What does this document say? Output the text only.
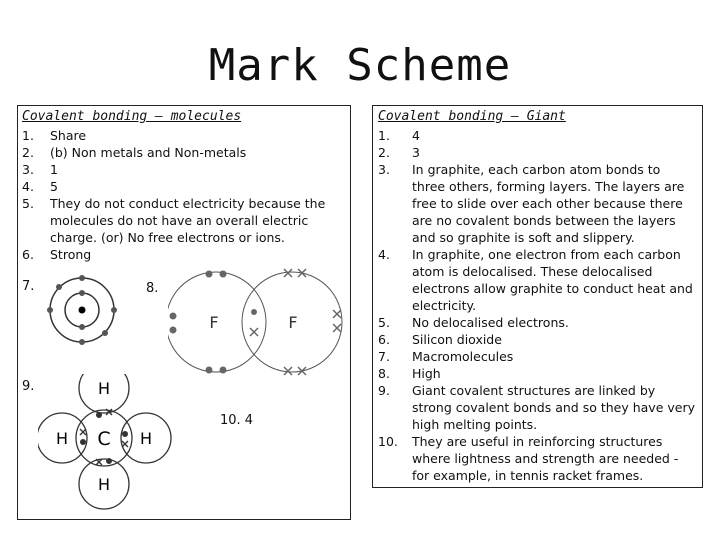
Mark Scheme
Covalent bonding – molecules
1. Share
2. (b) Non metals and Non-metals
3. 1
4. 5
5. They do not conduct electricity because the molecules do not have an overall electric charge. (or) No free electrons or ions.
6. Strong
7.	8.
9.
10. 4
F	F
H
H C H
H
Covalent bonding – Giant
1. 4
2. 3
3. In graphite, each carbon atom bonds to three others, forming layers. The layers are free to slide over each other because there are no covalent bonds between the layers and so graphite is soft and slippery.
4. In graphite, one electron from each carbon atom is delocalised. These delocalised electrons allow graphite to conduct heat and electricity.
5. No delocalised electrons.
6. Silicon dioxide
7. Macromolecules
8. High
9. Giant covalent structures are linked by strong covalent bonds and so they have very high melting points.
10. They are useful in reinforcing structures where lightness and strength are needed - for example, in tennis racket frames.
